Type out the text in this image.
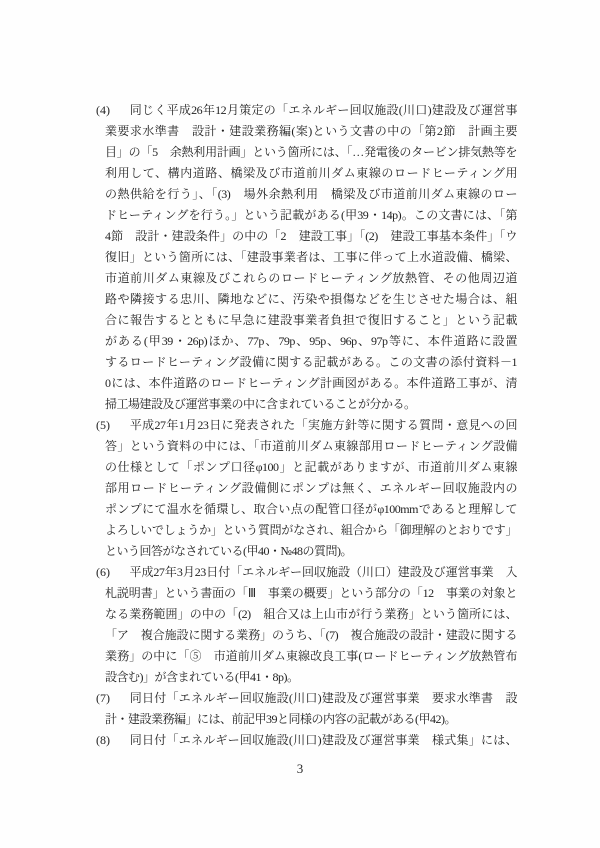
(4) 同じく平成26年12月策定の「エネルギー回収施設(川口)建設及び運営事
業要求水準書　設計・建設業務編(案)という文書の中の「第2節　計画主要
目」の「5　余熱利用計画」という箇所には、「…発電後のタービン排気熱等を
利用して、構内道路、橋梁及び市道前川ダム東線のロードヒーティング用
の熱供給を行う」、「(3)　場外余熱利用　橋梁及び市道前川ダム東線のロー
ドヒーティングを行う。」という記載がある(甲39・14p)。この文書には、「第
4節　設計・建設条件」の中の「2　建設工事」「(2)　建設工事基本条件」「ウ
復旧」という箇所には、「建設事業者は、工事に伴って上水道設備、橋梁、
市道前川ダム東線及びこれらのロードヒーティング放熱管、その他周辺道
路や隣接する忠川、隣地などに、汚染や損傷などを生じさせた場合は、組
合に報告するとともに早急に建設事業者負担で復旧すること」という記載
がある(甲39・26p)ほか、77p、79p、95p、96p、97p等に、本件道路に設置
するロードヒーティング設備に関する記載がある。この文書の添付資料－1
0には、本件道路のロードヒーティング計画図がある。本件道路工事が、清
掃工場建設及び運営事業の中に含まれていることが分かる。
(5) 平成27年1月23日に発表された「実施方針等に関する質問・意見への回
答」という資料の中には、「市道前川ダム東線部用ロードヒーティング設備
の仕様として「ポンプ口径φ100」と記載がありますが、市道前川ダム東線
部用ロードヒーティング設備側にポンプは無く、エネルギー回収施設内の
ポンプにて温水を循環し、取合い点の配管口径がφ100mmであると理解して
よろしいでしょうか」という質問がなされ、組合から「御理解のとおりです」
という回答がなされている(甲40・№48の質問)。
(6) 平成27年3月23日付「エネルギー回収施設（川口）建設及び運営事業　入
札説明書」という書面の「Ⅲ　事業の概要」という部分の「12　事業の対象と
なる業務範囲」の中の「(2)　組合又は上山市が行う業務」という箇所には、
「ア　複合施設に関する業務」のうち、「(7)　複合施設の設計・建設に関する
業務」の中に「⑤　市道前川ダム東線改良工事(ロードヒーティング放熱管布
設含む)」が含まれている(甲41・8p)。
(7) 同日付「エネルギー回収施設(川口)建設及び運営事業　要求水準書　設
計・建設業務編」には、前記甲39と同様の内容の記載がある(甲42)。
(8) 同日付「エネルギー回収施設(川口)建設及び運営事業　様式集」には、
3
